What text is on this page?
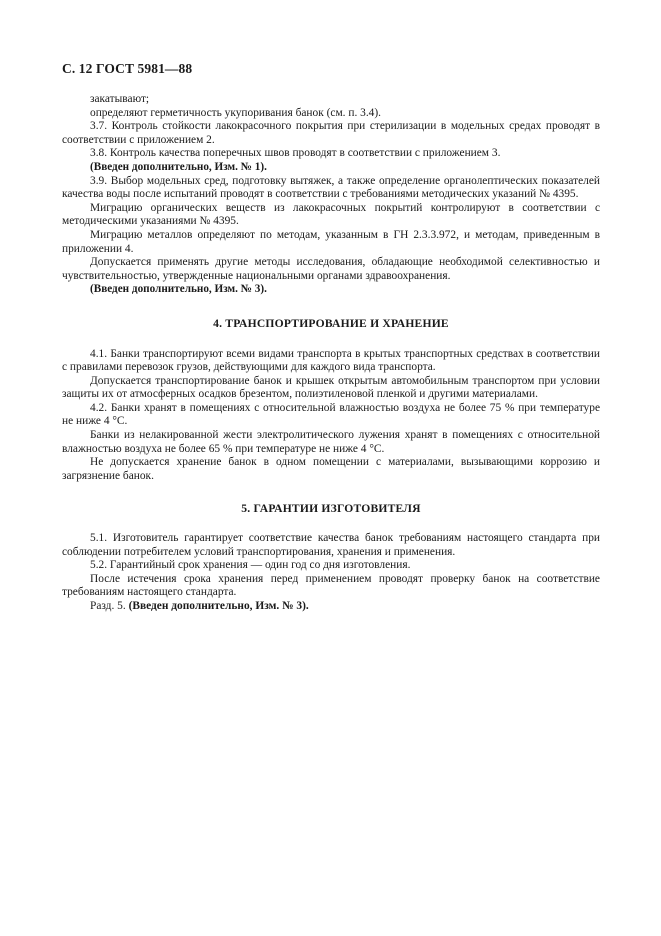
С. 12 ГОСТ 5981—88

закатывают;

определяют герметичность укупоривания банок (см. п. 3.4).

3.7. Контроль стойкости лакокрасочного покрытия при стерилизации в модельных средах проводят в соответствии с приложением 2.

3.8. Контроль качества поперечных швов проводят в соответствии с приложением 3.

(Введен дополнительно, Изм. № 1).

3.9. Выбор модельных сред, подготовку вытяжек, а также определение органолептических показателей качества воды после испытаний проводят в соответствии с требованиями методических указаний № 4395.

Миграцию органических веществ из лакокрасочных покрытий контролируют в соответствии с методическими указаниями № 4395.

Миграцию металлов определяют по методам, указанным в ГН 2.3.3.972, и методам, приведенным в приложении 4.

Допускается применять другие методы исследования, обладающие необходимой селективностью и чувствительностью, утвержденные национальными органами здравоохранения.

(Введен дополнительно, Изм. № 3).

4. ТРАНСПОРТИРОВАНИЕ И ХРАНЕНИЕ

4.1. Банки транспортируют всеми видами транспорта в крытых транспортных средствах в соответствии с правилами перевозок грузов, действующими для каждого вида транспорта.

Допускается транспортирование банок и крышек открытым автомобильным транспортом при условии защиты их от атмосферных осадков брезентом, полиэтиленовой пленкой и другими материалами.

4.2. Банки хранят в помещениях с относительной влажностью воздуха не более 75 % при температуре не ниже 4 °С.

Банки из нелакированной жести электролитического лужения хранят в помещениях с относительной влажностью воздуха не более 65 % при температуре не ниже 4 °С.

Не допускается хранение банок в одном помещении с материалами, вызывающими коррозию и загрязнение банок.

5. ГАРАНТИИ ИЗГОТОВИТЕЛЯ

5.1. Изготовитель гарантирует соответствие качества банок требованиям настоящего стандарта при соблюдении потребителем условий транспортирования, хранения и применения.

5.2. Гарантийный срок хранения — один год со дня изготовления.

После истечения срока хранения перед применением проводят проверку банок на соответствие требованиям настоящего стандарта.

Разд. 5. (Введен дополнительно, Изм. № 3).
